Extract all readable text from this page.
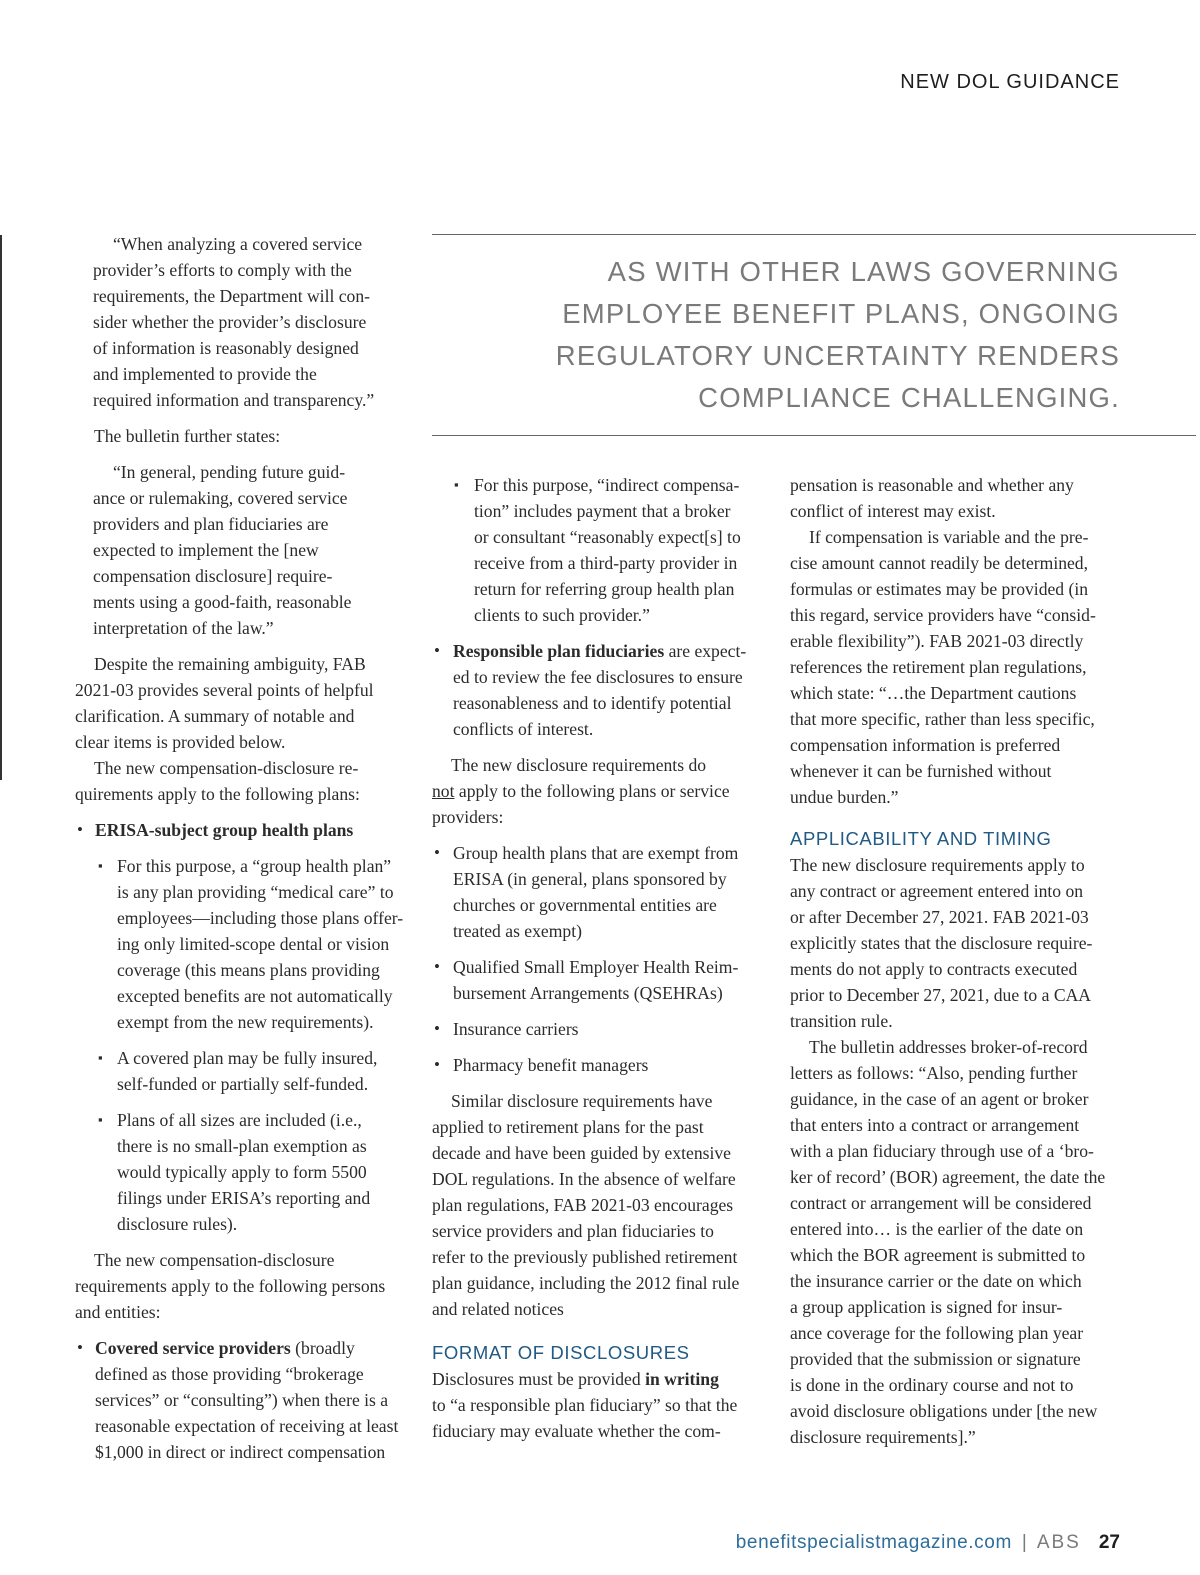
NEW DOL GUIDANCE
AS WITH OTHER LAWS GOVERNING
EMPLOYEE BENEFIT PLANS, ONGOING
REGULATORY UNCERTAINTY RENDERS
COMPLIANCE CHALLENGING.
“When analyzing a covered service
provider’s efforts to comply with the
requirements, the Department will con-
sider whether the provider’s disclosure
of information is reasonably designed
and implemented to provide the
required information and transparency.”
The bulletin further states:
“In general, pending future guid-
ance or rulemaking, covered service
providers and plan fiduciaries are
expected to implement the [new
compensation disclosure] require-
ments using a good-faith, reasonable
interpretation of the law.”
Despite the remaining ambiguity, FAB
2021-03 provides several points of helpful
clarification. A summary of notable and
clear items is provided below.
The new compensation-disclosure re-
quirements apply to the following plans:
• ERISA-subject group health plans
▪ For this purpose, a “group health plan”
is any plan providing “medical care” to
employees—including those plans offer-
ing only limited-scope dental or vision
coverage (this means plans providing
excepted benefits are not automatically
exempt from the new requirements).
▪ A covered plan may be fully insured,
self-funded or partially self-funded.
▪ Plans of all sizes are included (i.e.,
there is no small-plan exemption as
would typically apply to form 5500
filings under ERISA’s reporting and
disclosure rules).
The new compensation-disclosure
requirements apply to the following persons
and entities:
• Covered service providers (broadly
defined as those providing “brokerage
services” or “consulting”) when there is a
reasonable expectation of receiving at least
$1,000 in direct or indirect compensation
▪ For this purpose, “indirect compensa-
tion” includes payment that a broker
or consultant “reasonably expect[s] to
receive from a third-party provider in
return for referring group health plan
clients to such provider.”
• Responsible plan fiduciaries are expect-
ed to review the fee disclosures to ensure
reasonableness and to identify potential
conflicts of interest.
The new disclosure requirements do
not apply to the following plans or service
providers:
• Group health plans that are exempt from
ERISA (in general, plans sponsored by
churches or governmental entities are
treated as exempt)
• Qualified Small Employer Health Reim-
bursement Arrangements (QSEHRAs)
• Insurance carriers
• Pharmacy benefit managers
Similar disclosure requirements have
applied to retirement plans for the past
decade and have been guided by extensive
DOL regulations. In the absence of welfare
plan regulations, FAB 2021-03 encourages
service providers and plan fiduciaries to
refer to the previously published retirement
plan guidance, including the 2012 final rule
and related notices
FORMAT OF DISCLOSURES
Disclosures must be provided in writing
to “a responsible plan fiduciary” so that the
fiduciary may evaluate whether the com-
pensation is reasonable and whether any
conflict of interest may exist.
If compensation is variable and the pre-
cise amount cannot readily be determined,
formulas or estimates may be provided (in
this regard, service providers have “consid-
erable flexibility”). FAB 2021-03 directly
references the retirement plan regulations,
which state: “…the Department cautions
that more specific, rather than less specific,
compensation information is preferred
whenever it can be furnished without
undue burden.”
APPLICABILITY AND TIMING
The new disclosure requirements apply to
any contract or agreement entered into on
or after December 27, 2021. FAB 2021-03
explicitly states that the disclosure require-
ments do not apply to contracts executed
prior to December 27, 2021, due to a CAA
transition rule.
The bulletin addresses broker-of-record
letters as follows: “Also, pending further
guidance, in the case of an agent or broker
that enters into a contract or arrangement
with a plan fiduciary through use of a ‘bro-
ker of record’ (BOR) agreement, the date the
contract or arrangement will be considered
entered into… is the earlier of the date on
which the BOR agreement is submitted to
the insurance carrier or the date on which
a group application is signed for insur-
ance coverage for the following plan year
provided that the submission or signature
is done in the ordinary course and not to
avoid disclosure obligations under [the new
disclosure requirements].”
benefitspecialistmagazine.com | ABS 27
